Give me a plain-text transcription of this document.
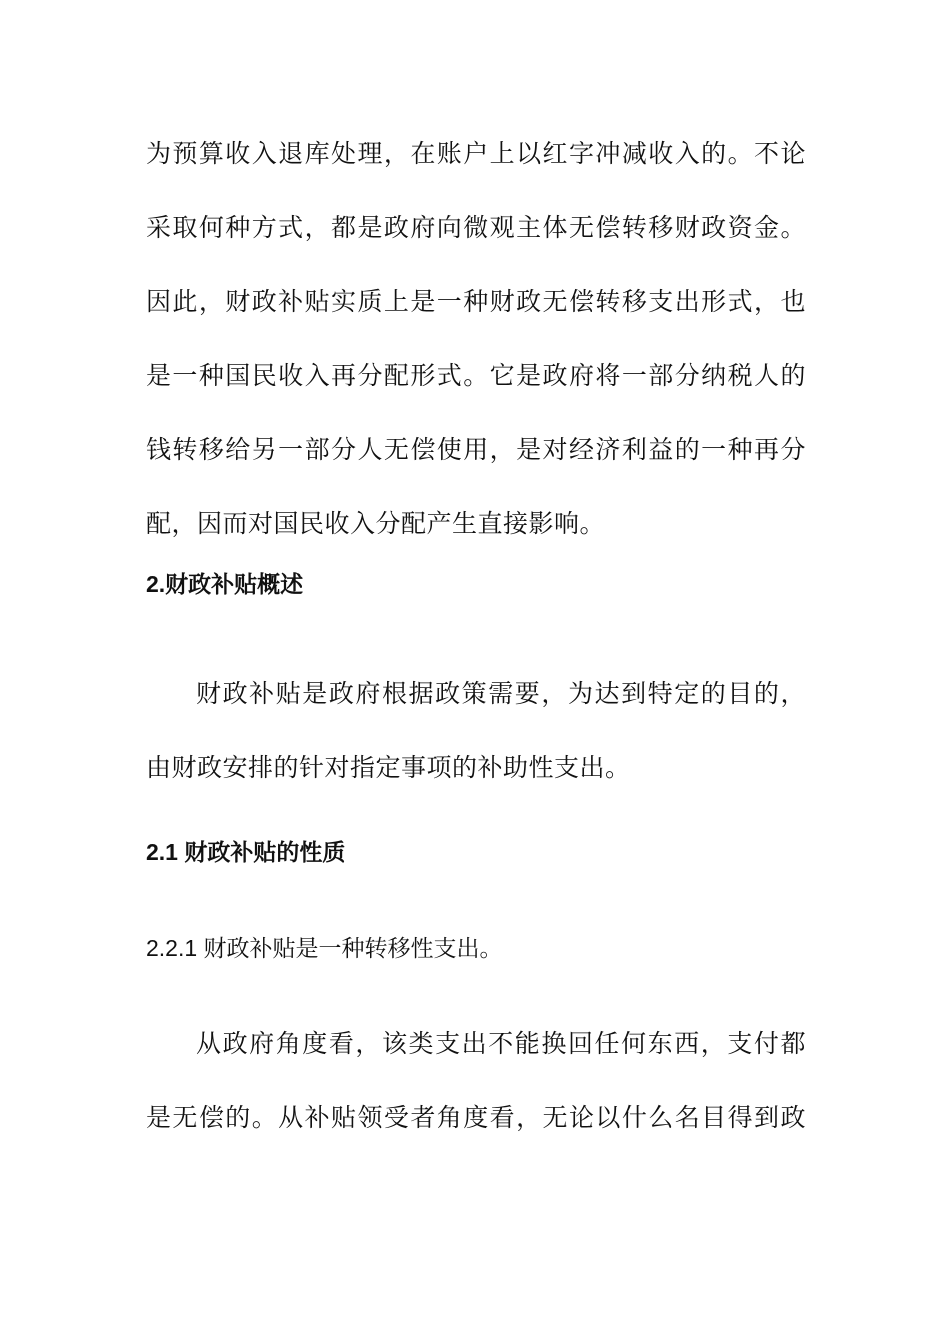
为预算收入退库处理，在账户上以红字冲减收入的。不论
采取何种方式，都是政府向微观主体无偿转移财政资金。
因此，财政补贴实质上是一种财政无偿转移支出形式，也
是一种国民收入再分配形式。它是政府将一部分纳税人的
钱转移给另一部分人无偿使用，是对经济利益的一种再分
配，因而对国民收入分配产生直接影响。
2.财政补贴概述
财政补贴是政府根据政策需要，为达到特定的目的，
由财政安排的针对指定事项的补助性支出。
2.1 财政补贴的性质
2.2.1 财政补贴是一种转移性支出。
从政府角度看，该类支出不能换回任何东西，支付都
是无偿的。从补贴领受者角度看，无论以什么名目得到政
